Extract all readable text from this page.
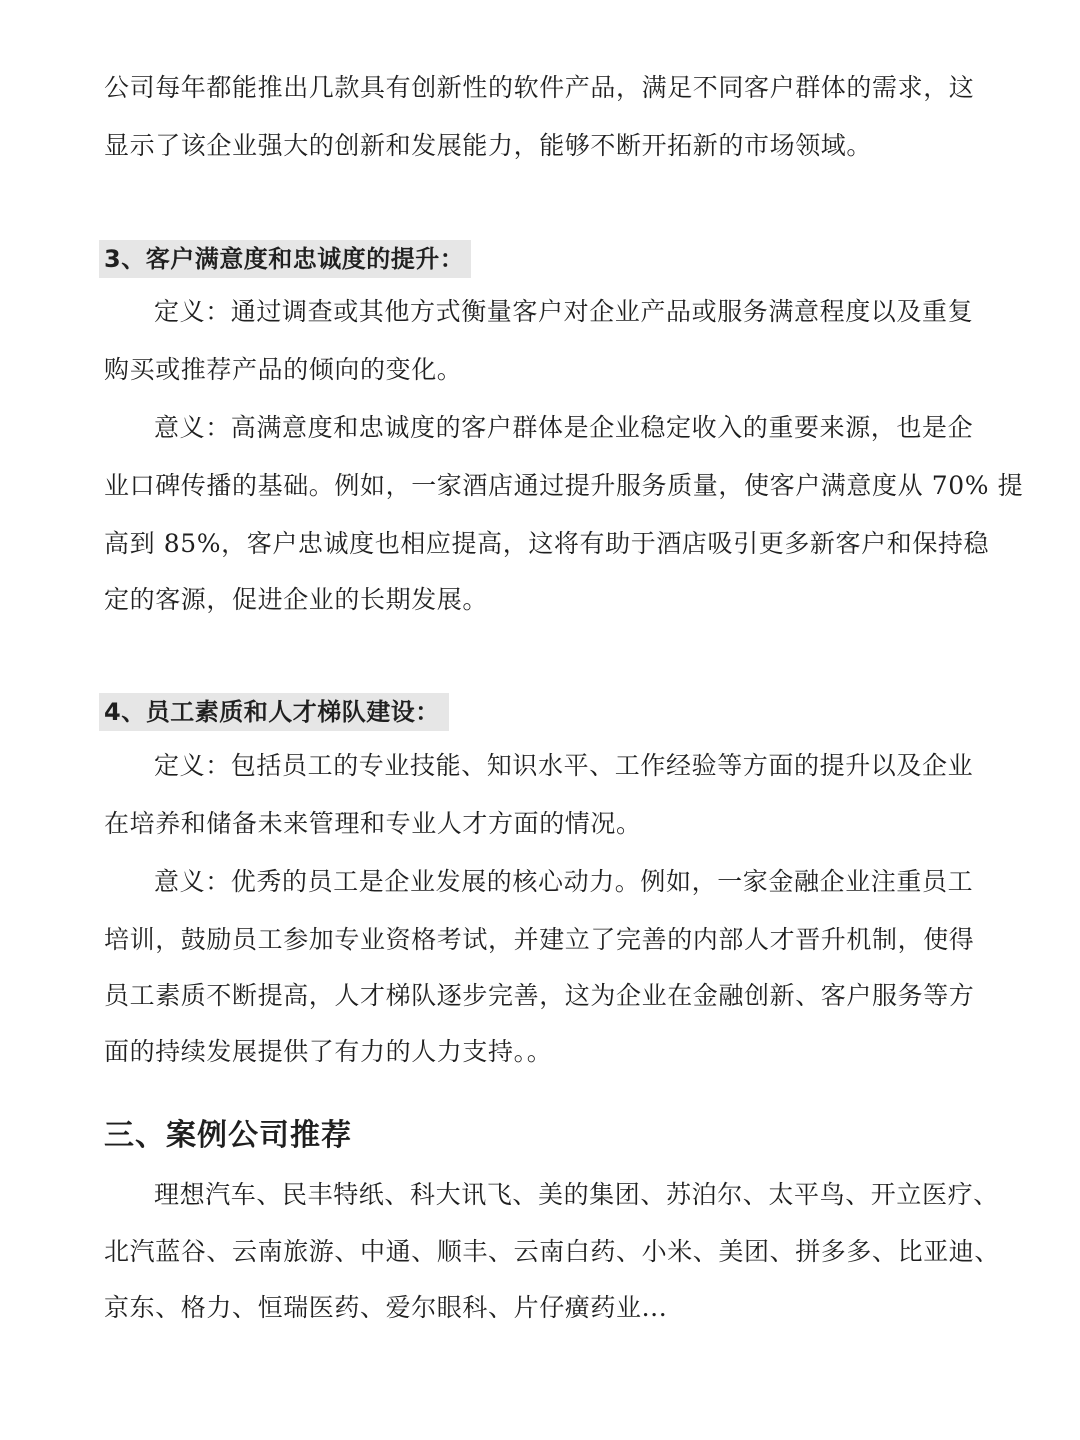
公司每年都能推出几款具有创新性的软件产品，满足不同客户群体的需求，这
显示了该企业强大的创新和发展能力，能够不断开拓新的市场领域。
3、客户满意度和忠诚度的提升：
定义：通过调查或其他方式衡量客户对企业产品或服务满意程度以及重复
购买或推荐产品的倾向的变化。
意义：高满意度和忠诚度的客户群体是企业稳定收入的重要来源，也是企
业口碑传播的基础。例如，一家酒店通过提升服务质量，使客户满意度从 70% 提
高到 85%，客户忠诚度也相应提高，这将有助于酒店吸引更多新客户和保持稳
定的客源，促进企业的长期发展。
4、员工素质和人才梯队建设：
定义：包括员工的专业技能、知识水平、工作经验等方面的提升以及企业
在培养和储备未来管理和专业人才方面的情况。
意义：优秀的员工是企业发展的核心动力。例如，一家金融企业注重员工
培训，鼓励员工参加专业资格考试，并建立了完善的内部人才晋升机制，使得
员工素质不断提高，人才梯队逐步完善，这为企业在金融创新、客户服务等方
面的持续发展提供了有力的人力支持。。
三、案例公司推荐
理想汽车、民丰特纸、科大讯飞、美的集团、苏泊尔、太平鸟、开立医疗、
北汽蓝谷、云南旅游、中通、顺丰、云南白药、小米、美团、拼多多、比亚迪、
京东、格力、恒瑞医药、爱尔眼科、片仔癀药业...
